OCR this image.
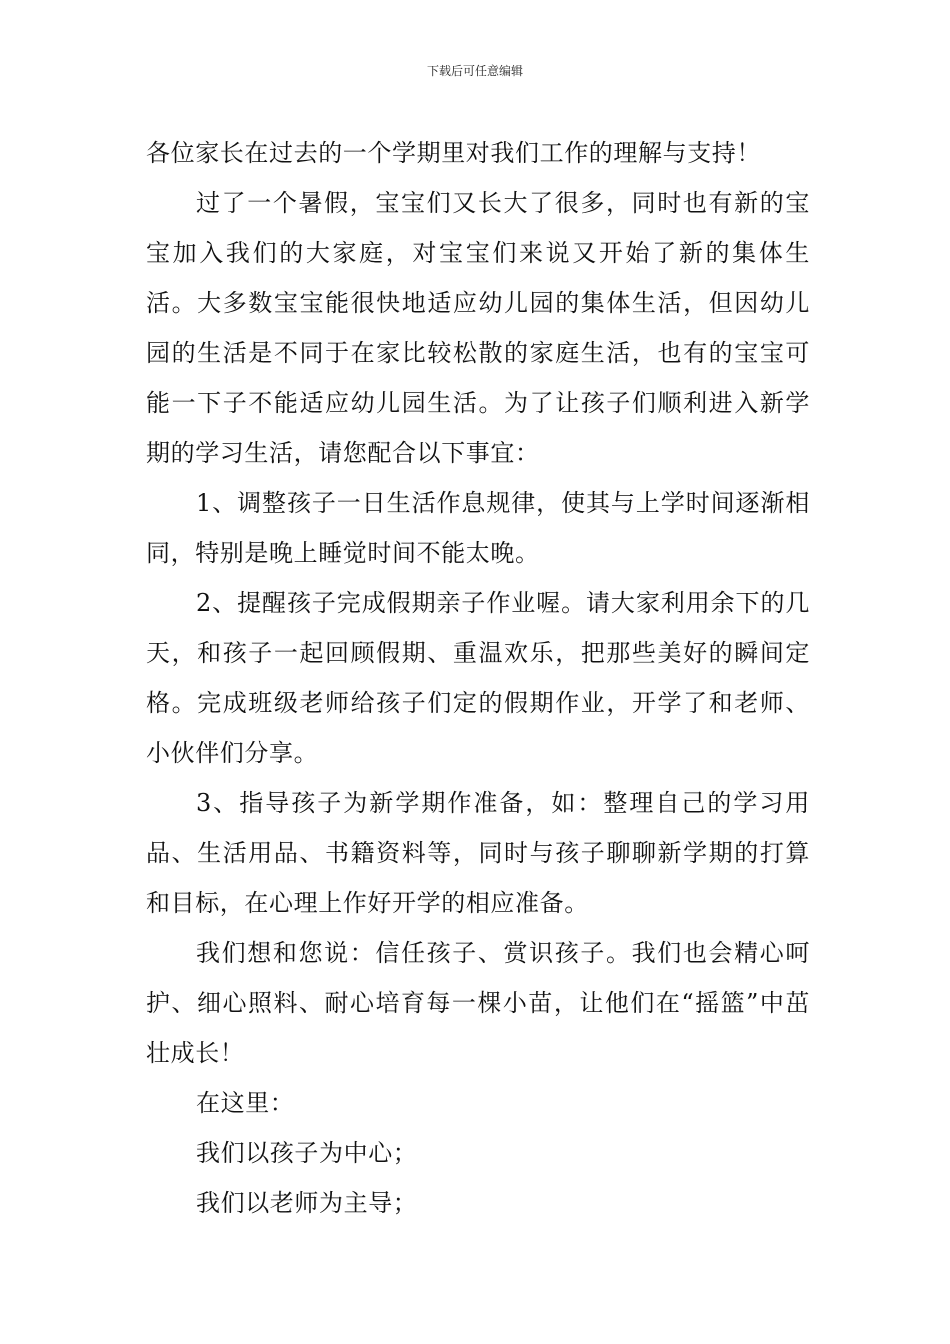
下载后可任意编辑

各位家长在过去的一个学期里对我们工作的理解与支持！

过了一个暑假，宝宝们又长大了很多，同时也有新的宝宝加入我们的大家庭，对宝宝们来说又开始了新的集体生活。大多数宝宝能很快地适应幼儿园的集体生活，但因幼儿园的生活是不同于在家比较松散的家庭生活，也有的宝宝可能一下子不能适应幼儿园生活。为了让孩子们顺利进入新学期的学习生活，请您配合以下事宜：

1、调整孩子一日生活作息规律，使其与上学时间逐渐相同，特别是晚上睡觉时间不能太晚。

2、提醒孩子完成假期亲子作业喔。请大家利用余下的几天，和孩子一起回顾假期、重温欢乐，把那些美好的瞬间定格。完成班级老师给孩子们定的假期作业，开学了和老师、小伙伴们分享。

3、指导孩子为新学期作准备，如：整理自己的学习用品、生活用品、书籍资料等，同时与孩子聊聊新学期的打算和目标，在心理上作好开学的相应准备。

我们想和您说：信任孩子、赏识孩子。我们也会精心呵护、细心照料、耐心培育每一棵小苗，让他们在“摇篮”中茁壮成长！

在这里：

我们以孩子为中心；

我们以老师为主导；
